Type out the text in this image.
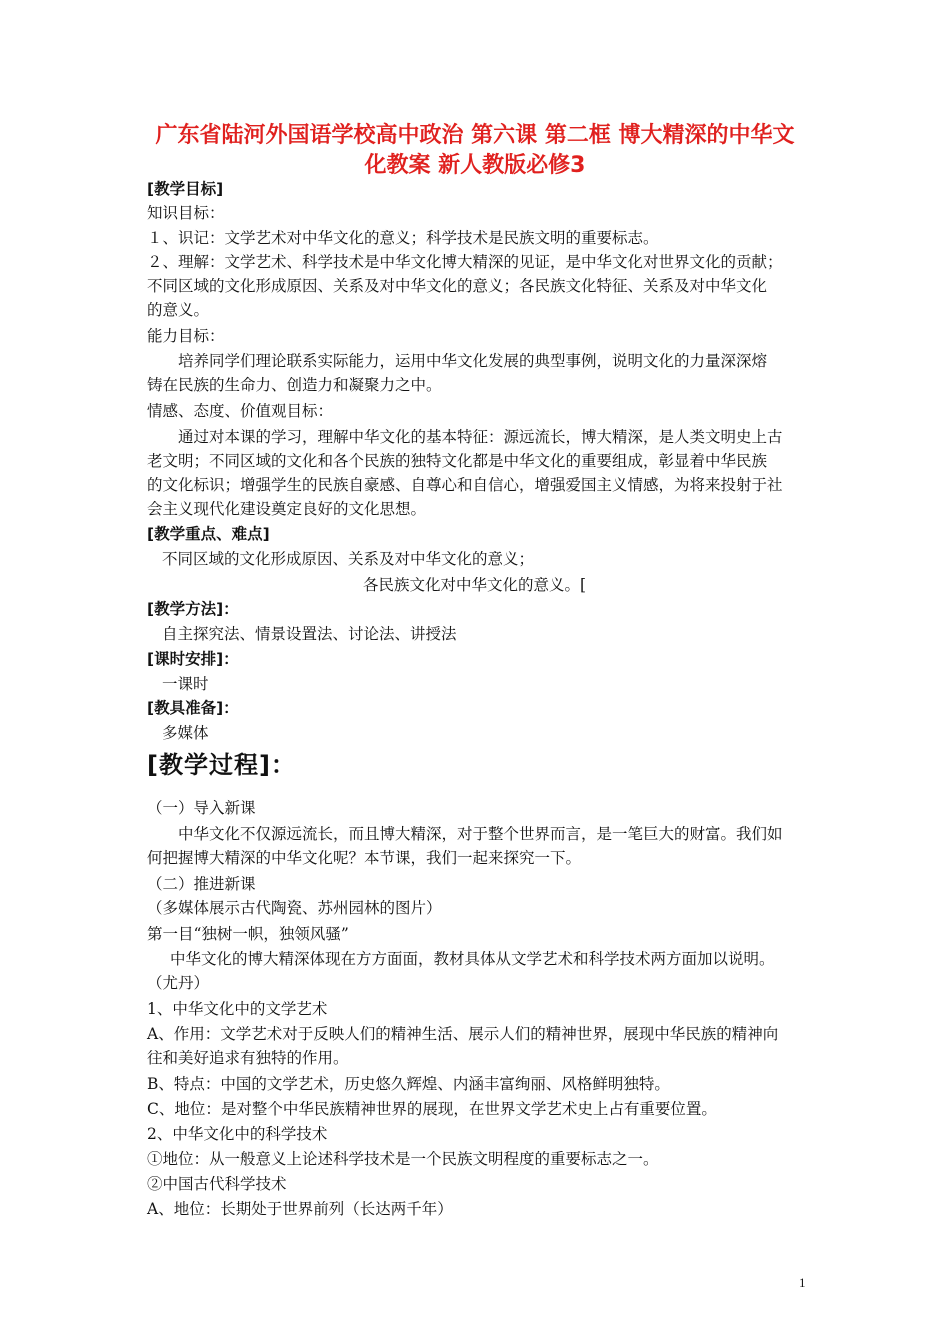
广东省陆河外国语学校高中政治 第六课 第二框 博大精深的中华文
化教案 新人教版必修3
[教学目标]
知识目标：
１、识记：文学艺术对中华文化的意义；科学技术是民族文明的重要标志。
２、理解：文学艺术、科学技术是中华文化博大精深的见证，是中华文化对世界文化的贡献；
不同区域的文化形成原因、关系及对中华文化的意义；各民族文化特征、关系及对中华文化
的意义。
能力目标：
培养同学们理论联系实际能力，运用中华文化发展的典型事例，说明文化的力量深深熔
铸在民族的生命力、创造力和凝聚力之中。
情感、态度、价值观目标：
通过对本课的学习，理解中华文化的基本特征：源远流长，博大精深，是人类文明史上古
老文明；不同区域的文化和各个民族的独特文化都是中华文化的重要组成，彰显着中华民族
的文化标识；增强学生的民族自豪感、自尊心和自信心，增强爱国主义情感，为将来投射于社
会主义现代化建设奠定良好的文化思想。
[教学重点、难点]
不同区域的文化形成原因、关系及对中华文化的意义；
各民族文化对中华文化的意义。[
[教学方法]：
自主探究法、情景设置法、讨论法、讲授法
[课时安排]：
一课时
[教具准备]：
多媒体
[教学过程]：
（一）导入新课
中华文化不仅源远流长，而且博大精深，对于整个世界而言，是一笔巨大的财富。我们如
何把握博大精深的中华文化呢？本节课，我们一起来探究一下。
（二）推进新课
（多媒体展示古代陶瓷、苏州园林的图片）
第一目“独树一帜，独领风骚”
中华文化的博大精深体现在方方面面，教材具体从文学艺术和科学技术两方面加以说明。
（尤丹）
1、中华文化中的文学艺术
A、作用：文学艺术对于反映人们的精神生活、展示人们的精神世界，展现中华民族的精神向
往和美好追求有独特的作用。
B、特点：中国的文学艺术，历史悠久辉煌、内涵丰富绚丽、风格鲜明独特。
C、地位：是对整个中华民族精神世界的展现，在世界文学艺术史上占有重要位置。
2、中华文化中的科学技术
①地位：从一般意义上论述科学技术是一个民族文明程度的重要标志之一。
②中国古代科学技术
A、地位：长期处于世界前列（长达两千年）
1
